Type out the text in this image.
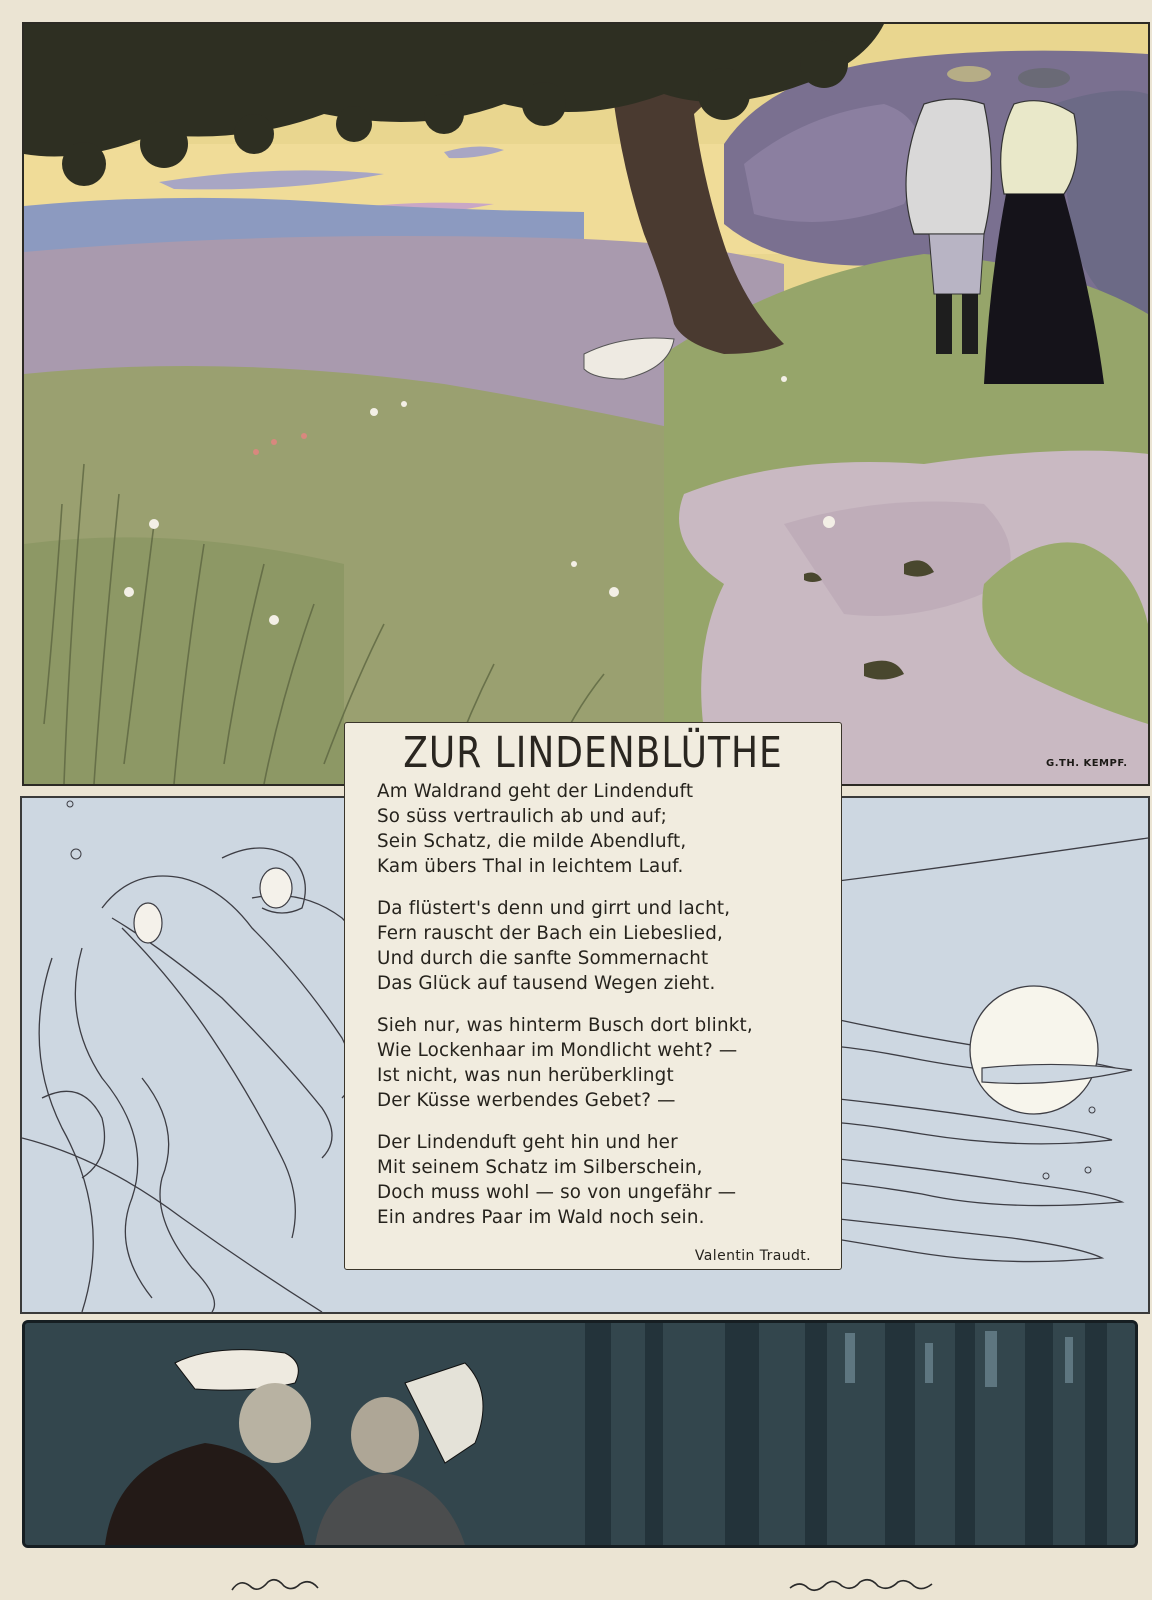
ZUR LINDENBLÜTHE

Am Waldrand geht der Lindenduft
So süss vertraulich ab und auf;
Sein Schatz, die milde Abendluft,
Kam übers Thal in leichtem Lauf.

Da flüstert's denn und girrt und lacht,
Fern rauscht der Bach ein Liebeslied,
Und durch die sanfte Sommernacht
Das Glück auf tausend Wegen zieht.

Sieh nur, was hinterm Busch dort blinkt,
Wie Lockenhaar im Mondlicht weht? —
Ist nicht, was nun herüberklingt
Der Küsse werbendes Gebet? —

Der Lindenduft geht hin und her
Mit seinem Schatz im Silberschein,
Doch muss wohl — so von ungefähr —
Ein andres Paar im Wald noch sein.

Valentin Traudt.
G.TH. KEMPF.
